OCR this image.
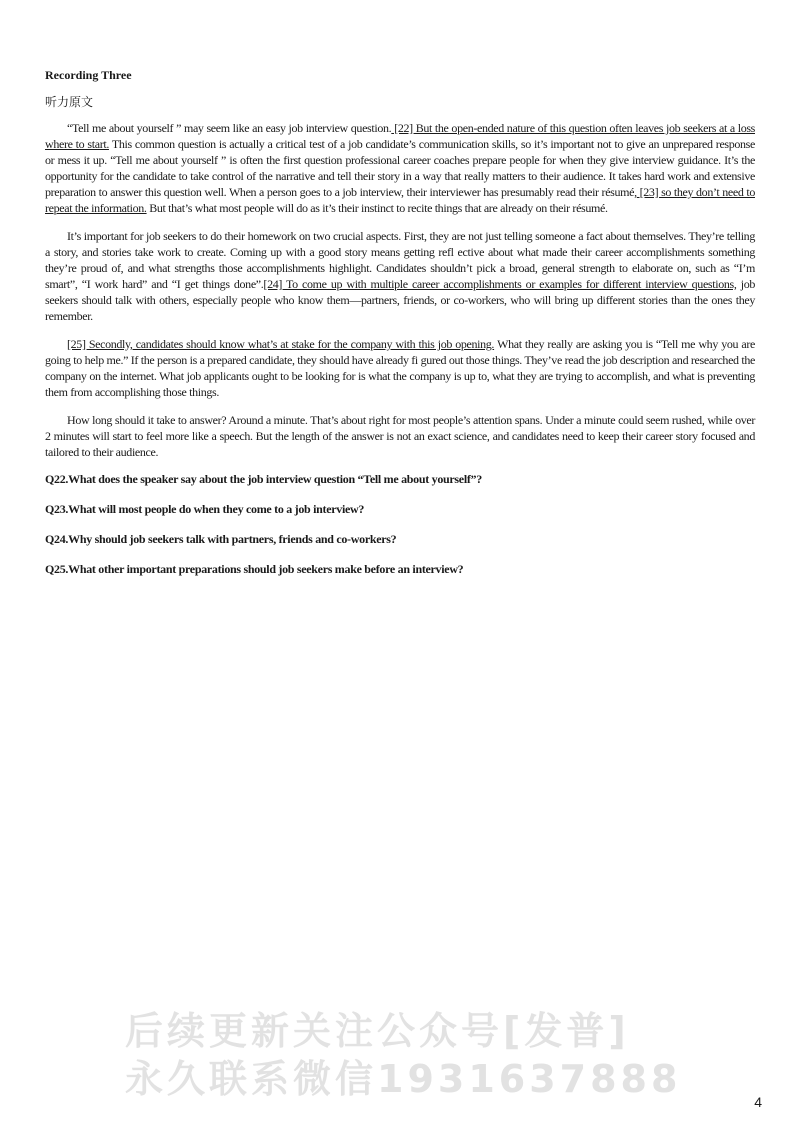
Recording Three
听力原文

“Tell me about yourself ” may seem like an easy job interview question. [22] But the open-ended nature of this question often leaves job seekers at a loss where to start. This common question is actually a critical test of a job candidate’s communication skills, so it’s important not to give an unprepared response or mess it up. “Tell me about yourself ” is often the first question professional career coaches prepare people for when they give interview guidance. It’s the opportunity for the candidate to take control of the narrative and tell their story in a way that really matters to their audience. It takes hard work and extensive preparation to answer this question well. When a person goes to a job interview, their interviewer has presumably read their résumé, [23] so they don’t need to repeat the information. But that’s what most people will do as it’s their instinct to recite things that are already on their résumé.

It’s important for job seekers to do their homework on two crucial aspects. First, they are not just telling someone a fact about themselves. They’re telling a story, and stories take work to create. Coming up with a good story means getting refl ective about what made their career accomplishments something they’re proud of, and what strengths those accomplishments highlight. Candidates shouldn’t pick a broad, general strength to elaborate on, such as “I’m smart”, “I work hard” and “I get things done”.[24] To come up with multiple career accomplishments or examples for different interview questions, job seekers should talk with others, especially people who know them—partners, friends, or co-workers, who will bring up different stories than the ones they remember.

[25] Secondly, candidates should know what’s at stake for the company with this job opening. What they really are asking you is “Tell me why you are going to help me.” If the person is a prepared candidate, they should have already fi gured out those things. They’ve read the job description and researched the company on the internet. What job applicants ought to be looking for is what the company is up to, what they are trying to accomplish, and what is preventing them from accomplishing those things.

How long should it take to answer? Around a minute. That’s about right for most people’s attention spans. Under a minute could seem rushed, while over 2 minutes will start to feel more like a speech. But the length of the answer is not an exact science, and candidates need to keep their career story focused and tailored to their audience.

Q22.What does the speaker say about the job interview question “Tell me about yourself”?
Q23.What will most people do when they come to a job interview?
Q24.Why should job seekers talk with partners, friends and co-workers?
Q25.What other important preparations should job seekers make before an interview?
后续更新关注公众号[发普]
永久联系微信1931637888
4
